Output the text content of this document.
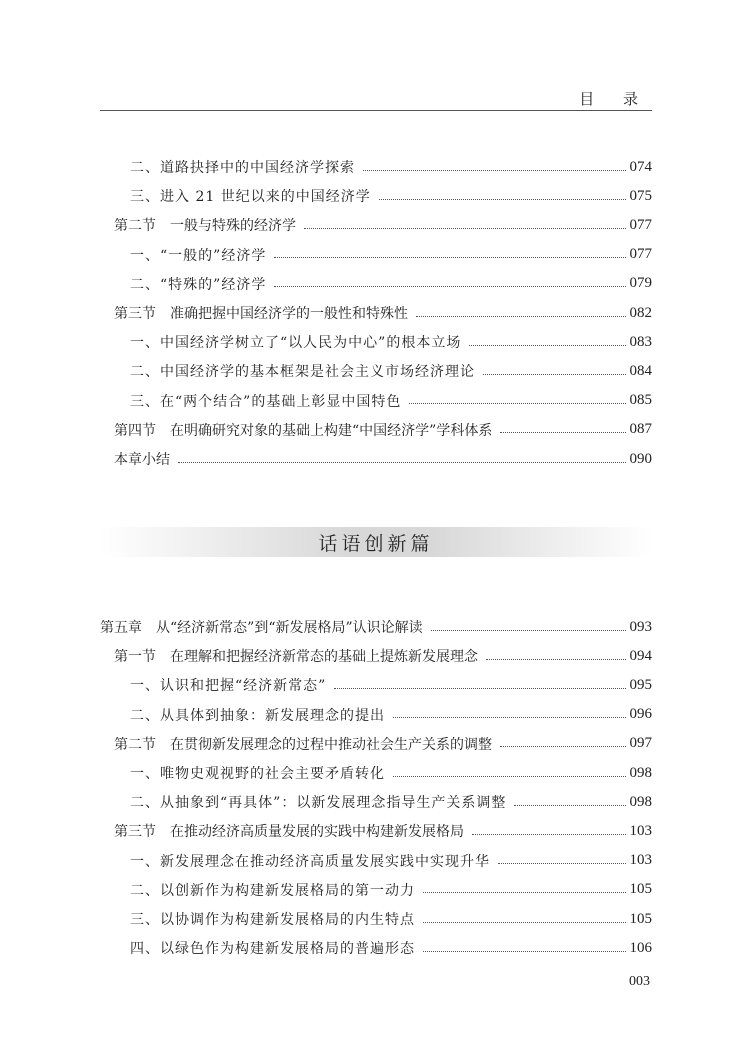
目 录
二、道路抉择中的中国经济学探索	074
三、进入 21 世纪以来的中国经济学	075
第二节　一般与特殊的经济学	077
一、“一般的”经济学	077
二、“特殊的”经济学	079
第三节　准确把握中国经济学的一般性和特殊性	082
一、中国经济学树立了“以人民为中心”的根本立场	083
二、中国经济学的基本框架是社会主义市场经济理论	084
三、在“两个结合”的基础上彰显中国特色	085
第四节　在明确研究对象的基础上构建“中国经济学”学科体系	087
本章小结	090
话语创新篇
第五章　从“经济新常态”到“新发展格局”认识论解读	093
第一节　在理解和把握经济新常态的基础上提炼新发展理念	094
一、认识和把握“经济新常态”	095
二、从具体到抽象：新发展理念的提出	096
第二节　在贯彻新发展理念的过程中推动社会生产关系的调整	097
一、唯物史观视野的社会主要矛盾转化	098
二、从抽象到“再具体”：以新发展理念指导生产关系调整	098
第三节　在推动经济高质量发展的实践中构建新发展格局	103
一、新发展理念在推动经济高质量发展实践中实现升华	103
二、以创新作为构建新发展格局的第一动力	105
三、以协调作为构建新发展格局的内生特点	105
四、以绿色作为构建新发展格局的普遍形态	106
003
